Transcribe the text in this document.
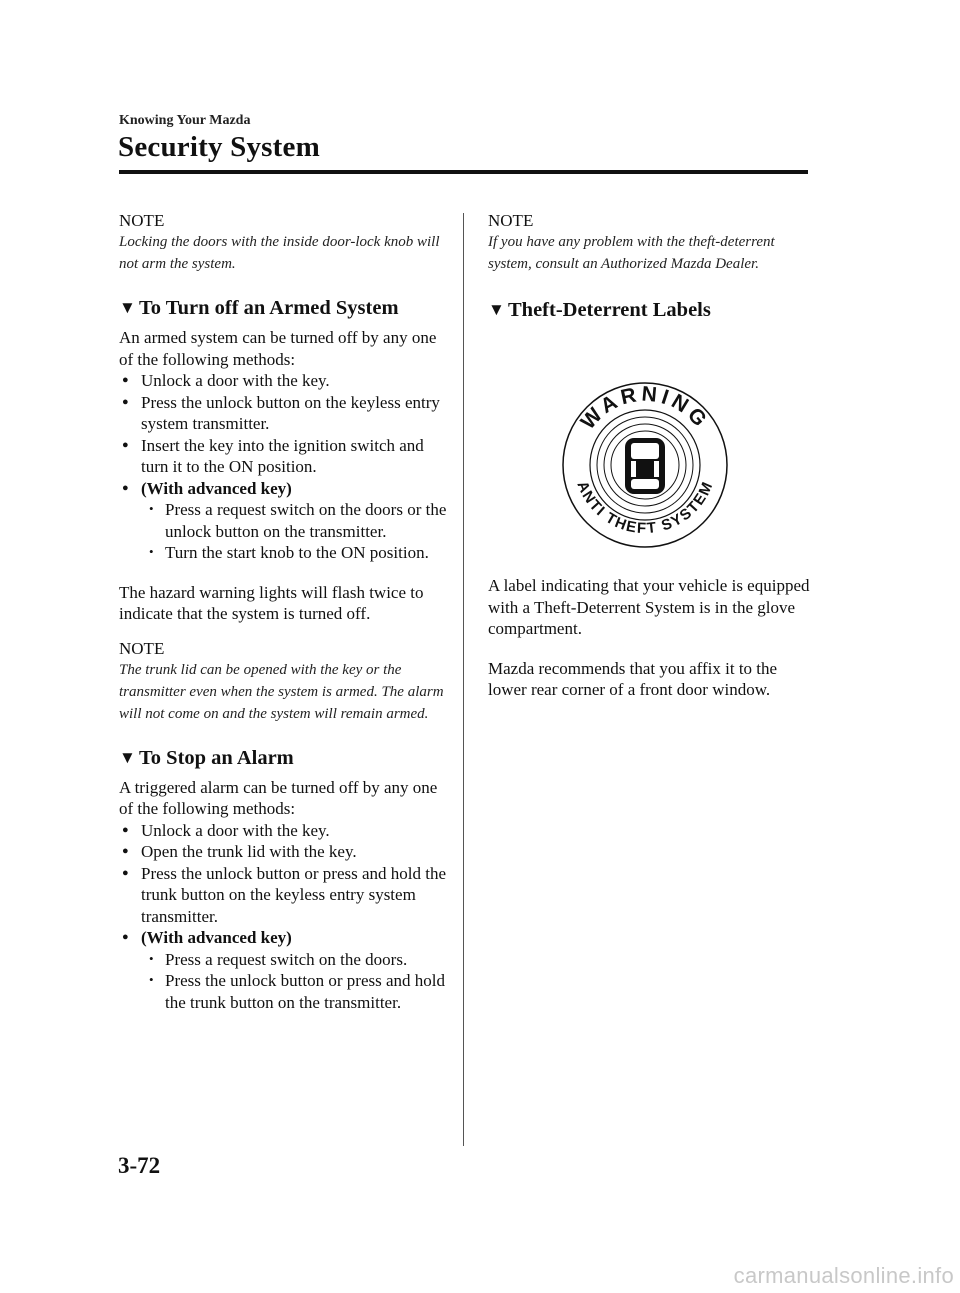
Knowing Your Mazda
Security System
NOTE
Locking the doors with the inside door-lock knob will not arm the system.
▼ To Turn off an Armed System
An armed system can be turned off by any one of the following methods:
● Unlock a door with the key.
● Press the unlock button on the keyless entry system transmitter.
● Insert the key into the ignition switch and turn it to the ON position.
● (With advanced key)
• Press a request switch on the doors or the unlock button on the transmitter.
• Turn the start knob to the ON position.
The hazard warning lights will flash twice to indicate that the system is turned off.
NOTE
The trunk lid can be opened with the key or the transmitter even when the system is armed. The alarm will not come on and the system will remain armed.
▼ To Stop an Alarm
A triggered alarm can be turned off by any one of the following methods:
● Unlock a door with the key.
● Open the trunk lid with the key.
● Press the unlock button or press and hold the trunk button on the keyless entry system transmitter.
● (With advanced key)
• Press a request switch on the doors.
• Press the unlock button or press and hold the trunk button on the transmitter.
NOTE
If you have any problem with the theft-deterrent system, consult an Authorized Mazda Dealer.
▼ Theft-Deterrent Labels
A label indicating that your vehicle is equipped with a Theft-Deterrent System is in the glove compartment.
Mazda recommends that you affix it to the lower rear corner of a front door window.
WARNING
ANTI THEFT SYSTEM
3-72
carmanualsonline.info
